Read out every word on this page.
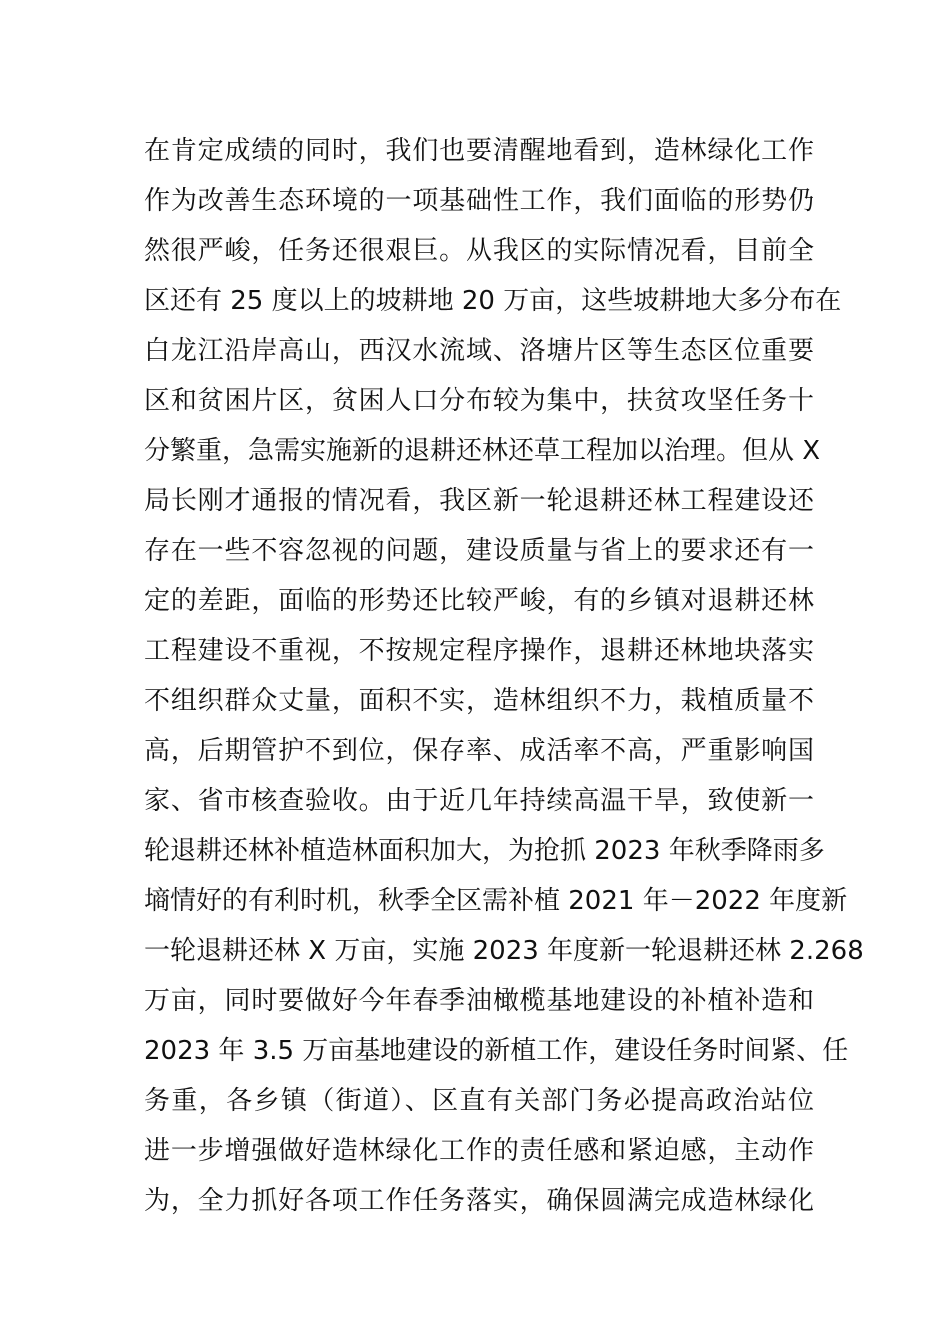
在肯定成绩的同时，我们也要清醒地看到，造林绿化工作
作为改善生态环境的一项基础性工作，我们面临的形势仍
然很严峻，任务还很艰巨。从我区的实际情况看，目前全
区还有 25 度以上的坡耕地 20 万亩，这些坡耕地大多分布在
白龙江沿岸高山，西汉水流域、洛塘片区等生态区位重要
区和贫困片区，贫困人口分布较为集中，扶贫攻坚任务十
分繁重，急需实施新的退耕还林还草工程加以治理。但从 X
局长刚才通报的情况看，我区新一轮退耕还林工程建设还
存在一些不容忽视的问题，建设质量与省上的要求还有一
定的差距，面临的形势还比较严峻，有的乡镇对退耕还林
工程建设不重视，不按规定程序操作，退耕还林地块落实
不组织群众丈量，面积不实，造林组织不力，栽植质量不
高，后期管护不到位，保存率、成活率不高，严重影响国
家、省市核查验收。由于近几年持续高温干旱，致使新一
轮退耕还林补植造林面积加大，为抢抓 2023 年秋季降雨多
墒情好的有利时机，秋季全区需补植 2021 年－2022 年度新
一轮退耕还林 X 万亩，实施 2023 年度新一轮退耕还林 2.268
万亩，同时要做好今年春季油橄榄基地建设的补植补造和
2023 年 3.5 万亩基地建设的新植工作，建设任务时间紧、任
务重，各乡镇（街道）、区直有关部门务必提高政治站位
进一步增强做好造林绿化工作的责任感和紧迫感，主动作
为，全力抓好各项工作任务落实，确保圆满完成造林绿化
